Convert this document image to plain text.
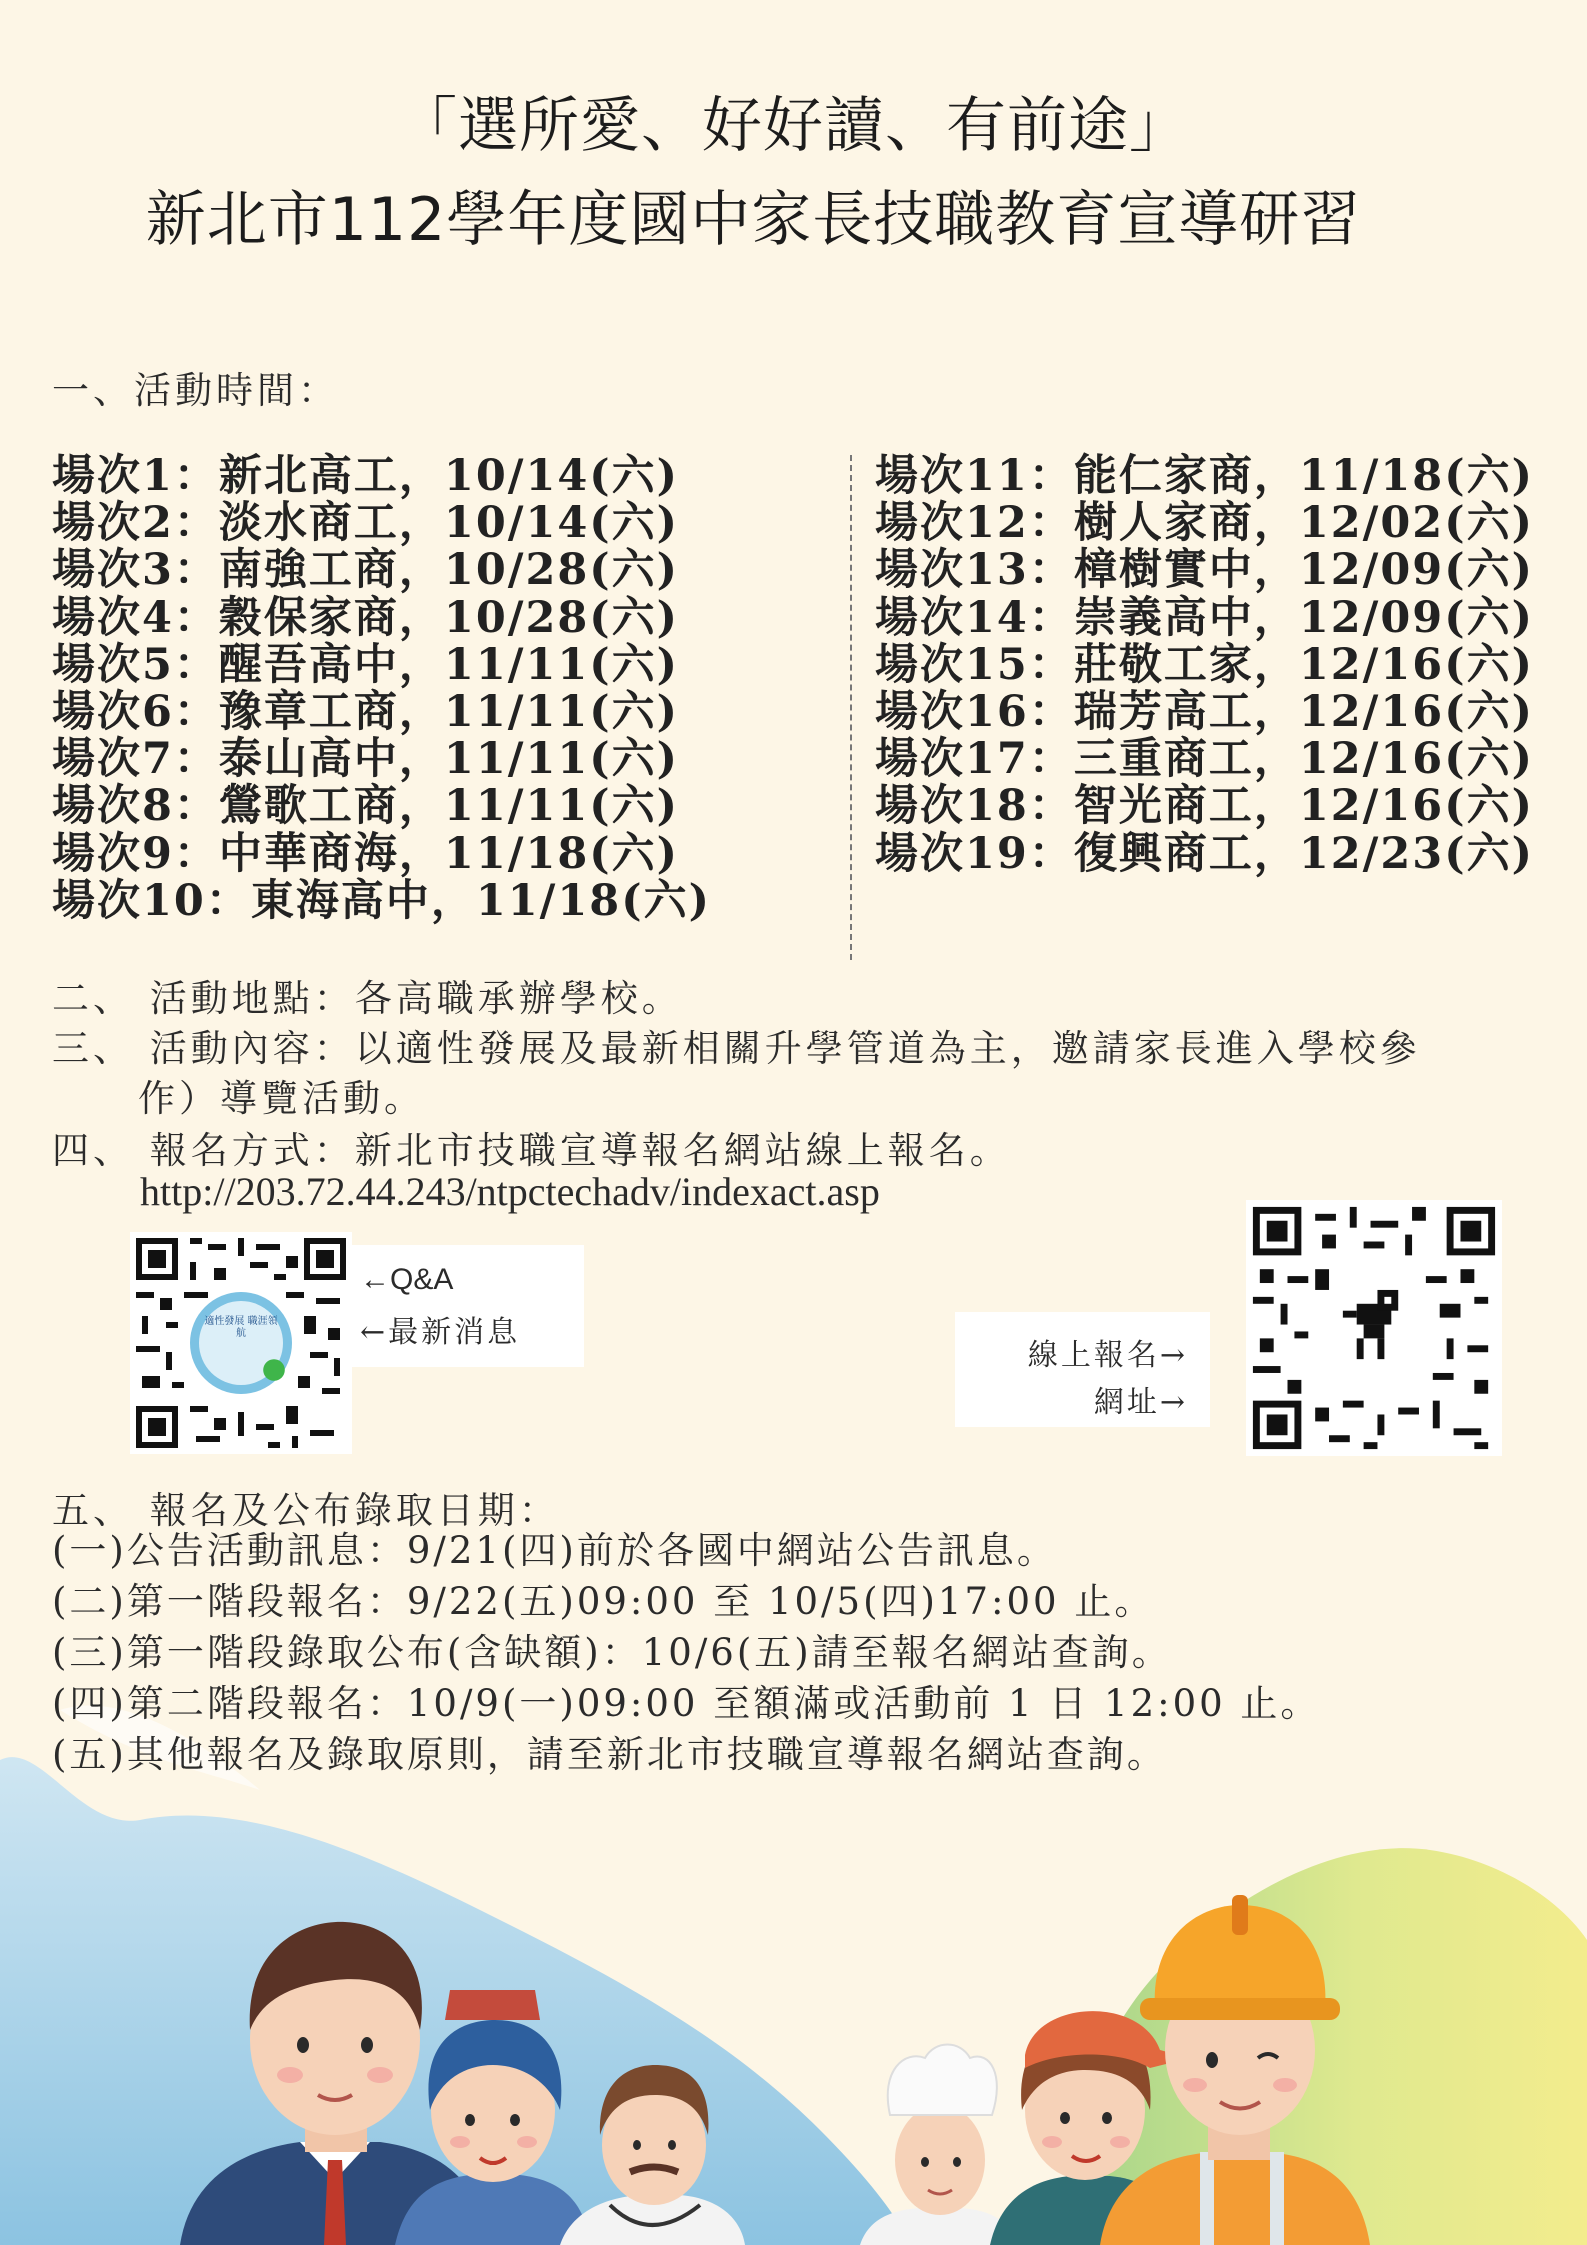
「選所愛、好好讀、有前途」
新北市112學年度國中家長技職教育宣導研習
一、活動時間：
場次1：新北高工，10/14(六)
場次2：淡水商工，10/14(六)
場次3：南強工商，10/28(六)
場次4：穀保家商，10/28(六)
場次5：醒吾高中，11/11(六)
場次6：豫章工商，11/11(六)
場次7：泰山高中，11/11(六)
場次8：鶯歌工商，11/11(六)
場次9：中華商海，11/18(六)
場次10：東海高中，11/18(六)
場次11：能仁家商，11/18(六)
場次12：樹人家商，12/02(六)
場次13：樟樹實中，12/09(六)
場次14：崇義高中，12/09(六)
場次15：莊敬工家，12/16(六)
場次16：瑞芳高工，12/16(六)
場次17：三重商工，12/16(六)
場次18：智光商工，12/16(六)
場次19：復興商工，12/23(六)
二、 活動地點：各高職承辦學校。
三、 活動內容：以適性發展及最新相關升學管道為主，邀請家長進入學校參
作）導覽活動。
四、 報名方式：新北市技職宣導報名網站線上報名。
http://203.72.44.243/ntpctechadv/indexact.asp
適性發展 職涯領航
←Q&A
←最新消息
線上報名→
網址→
五、 報名及公布錄取日期：
(一)公告活動訊息：9/21(四)前於各國中網站公告訊息。
(二)第一階段報名：9/22(五)09:00 至 10/5(四)17:00 止。
(三)第一階段錄取公布(含缺額)：10/6(五)請至報名網站查詢。
(四)第二階段報名：10/9(一)09:00 至額滿或活動前 1 日 12:00 止。
(五)其他報名及錄取原則，請至新北市技職宣導報名網站查詢。
